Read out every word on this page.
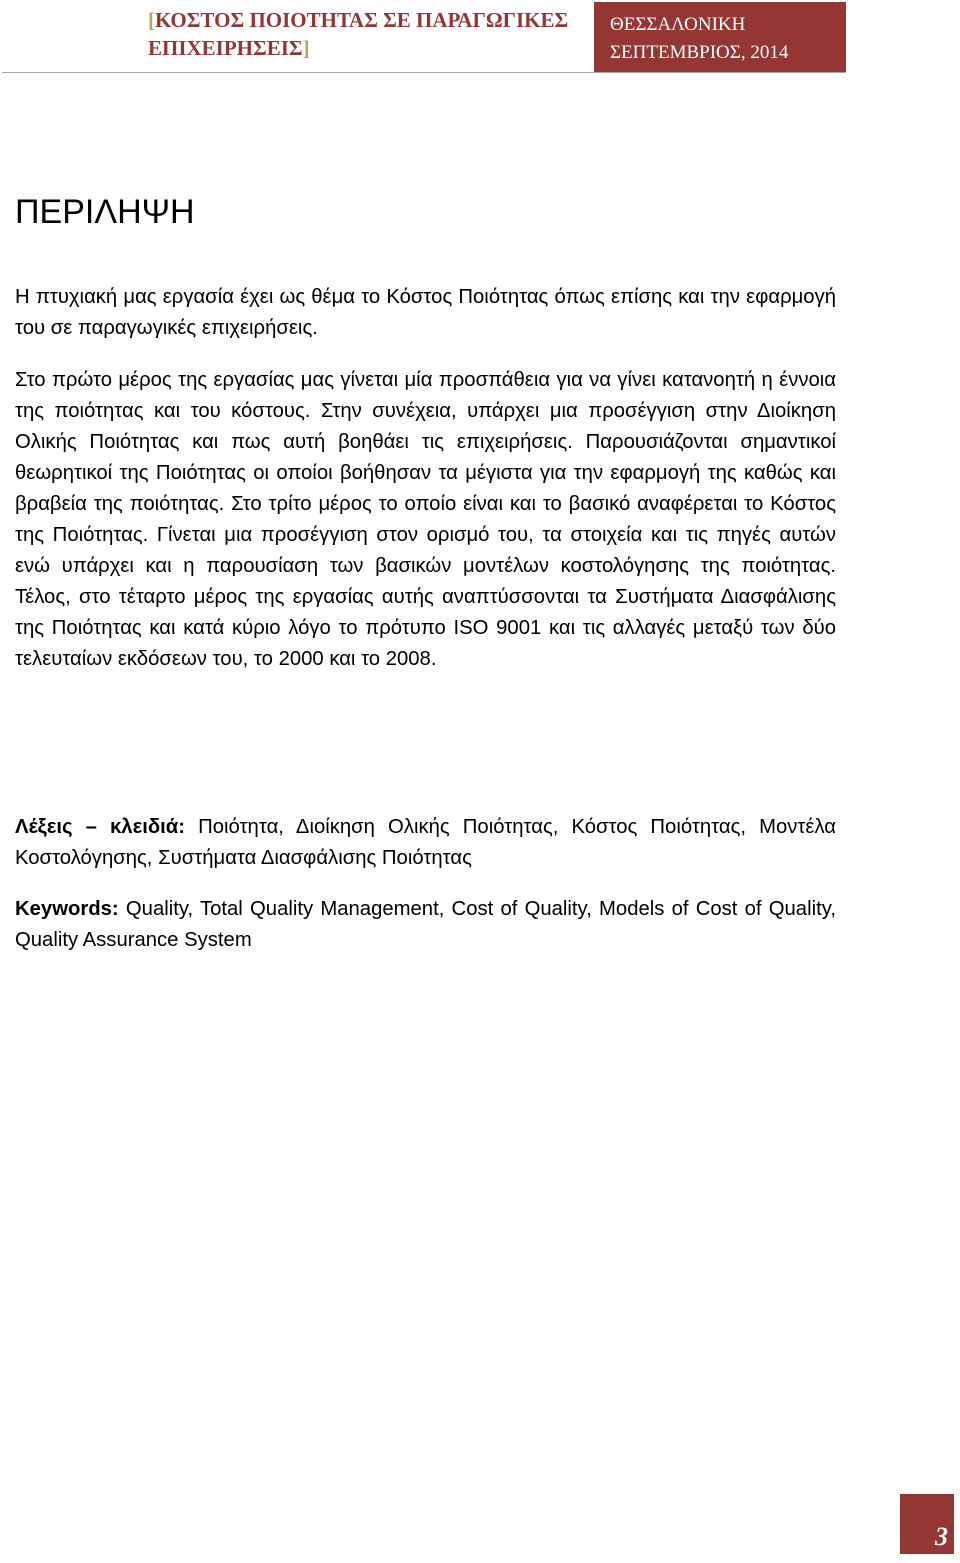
[ΚΟΣΤΟΣ ΠΟΙΟΤΗΤΑΣ ΣΕ ΠΑΡΑΓΩΓΙΚΕΣ ΕΠΙΧΕΙΡΗΣΕΙΣ]
ΘΕΣΣΑΛΟΝΙΚΗ
ΣΕΠΤΕΜΒΡΙΟΣ, 2014
ΠΕΡΙΛΗΨΗ

Η πτυχιακή μας εργασία έχει ως θέμα το Κόστος Ποιότητας όπως επίσης και την εφαρμογή του σε παραγωγικές επιχειρήσεις.

Στο πρώτο μέρος της εργασίας μας γίνεται μία προσπάθεια για να γίνει κατανοητή η έννοια της ποιότητας και του κόστους. Στην συνέχεια, υπάρχει μια προσέγγιση στην Διοίκηση Ολικής Ποιότητας και πως αυτή βοηθάει τις επιχειρήσεις. Παρουσιάζονται σημαντικοί θεωρητικοί της Ποιότητας οι οποίοι βοήθησαν τα μέγιστα για την εφαρμογή της καθώς και βραβεία της ποιότητας. Στο τρίτο μέρος το οποίο είναι και το βασικό αναφέρεται το Κόστος της Ποιότητας. Γίνεται μια προσέγγιση στον ορισμό του, τα στοιχεία και τις πηγές αυτών ενώ υπάρχει και η παρουσίαση των βασικών μοντέλων κοστολόγησης της ποιότητας. Τέλος, στο τέταρτο μέρος της εργασίας αυτής αναπτύσσονται τα Συστήματα Διασφάλισης της Ποιότητας και κατά κύριο λόγο το πρότυπο ISO 9001 και τις αλλαγές μεταξύ των δύο τελευταίων εκδόσεων του, το 2000 και το 2008.

Λέξεις – κλειδιά: Ποιότητα, Διοίκηση Ολικής Ποιότητας, Κόστος Ποιότητας, Μοντέλα Κοστολόγησης, Συστήματα Διασφάλισης Ποιότητας

Keywords: Quality, Total Quality Management, Cost of Quality, Models of Cost of Quality, Quality Assurance System

3
